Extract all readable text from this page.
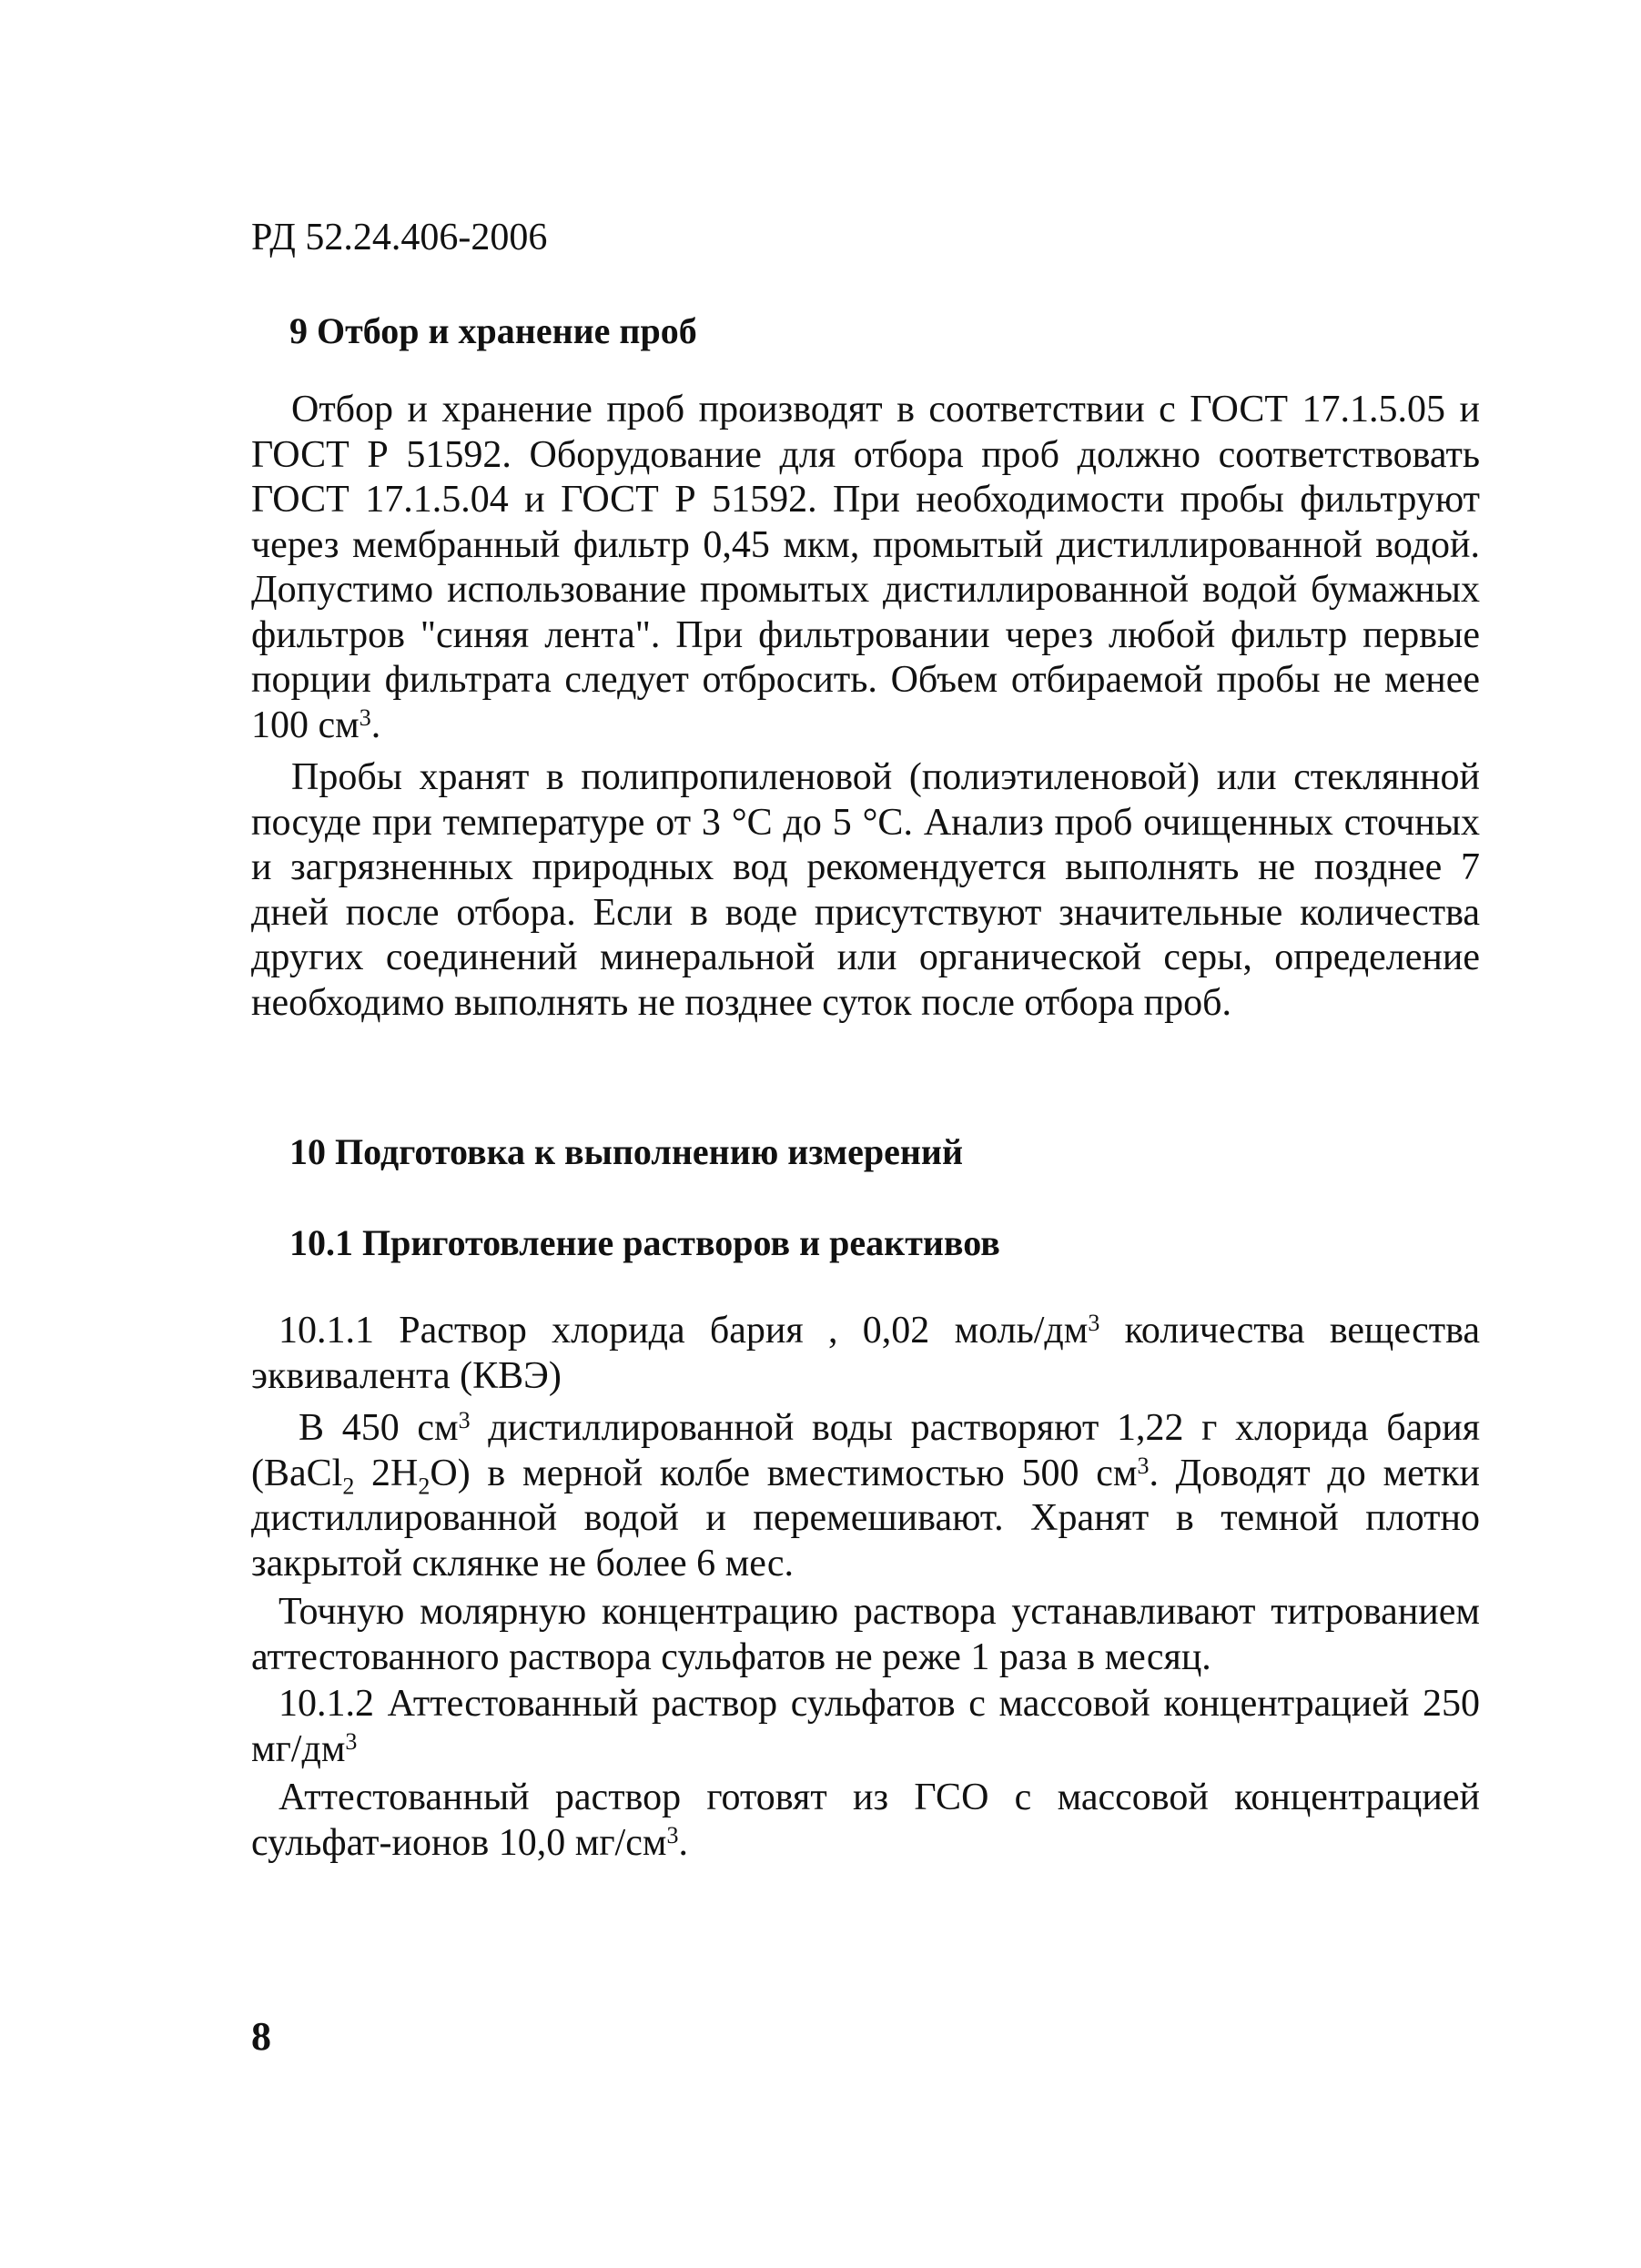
РД 52.24.406-2006
9 Отбор и хранение проб

Отбор и хранение проб производят в соответствии с ГОСТ 17.1.5.05 и ГОСТ Р 51592. Оборудование для отбора проб должно соответствовать ГОСТ 17.1.5.04 и ГОСТ Р 51592. При необходимости пробы фильтруют через мембранный фильтр 0,45 мкм, промытый дистиллированной водой. Допустимо использование промытых дистиллированной водой бумажных фильтров "синяя лента". При фильтровании через любой фильтр первые порции фильтрата следует отбросить. Объем отбираемой пробы не менее 100 $см^3$.

Пробы хранят в полипропиленовой (полиэтиленовой) или стеклянной посуде при температуре от 3 °С до 5 °С. Анализ проб очищенных сточных и загрязненных природных вод рекомендуется выполнять не позднее 7 дней после отбора. Если в воде присутствуют значительные количества других соединений минеральной или органической серы, определение необходимо выполнять не позднее суток после отбора проб.

10 Подготовка к выполнению измерений
10.1 Приготовление растворов и реактивов

10.1.1 Раствор хлорида бария , 0,02 моль/$дм^3$ количества вещества эквивалента (КВЭ)

В 450 $см^3$ дистиллированной воды растворяют 1,22 г хлорида бария (BaCl$_2$ $2H_2O$) в мерной колбе вместимостью 500 $см^3$. Доводят до метки дистиллированной водой и перемешивают. Хранят в темной плотно закрытой склянке не более 6 мес.

Точную молярную концентрацию раствора устанавливают титрованием аттестованного раствора сульфатов не реже 1 раза в месяц.

10.1.2 Аттестованный раствор сульфатов с массовой концентрацией 250 $мг/дм^3$

Аттестованный раствор готовят из ГСО с массовой концентрацией сульфат-ионов 10,0 $мг/см^3$.

8
